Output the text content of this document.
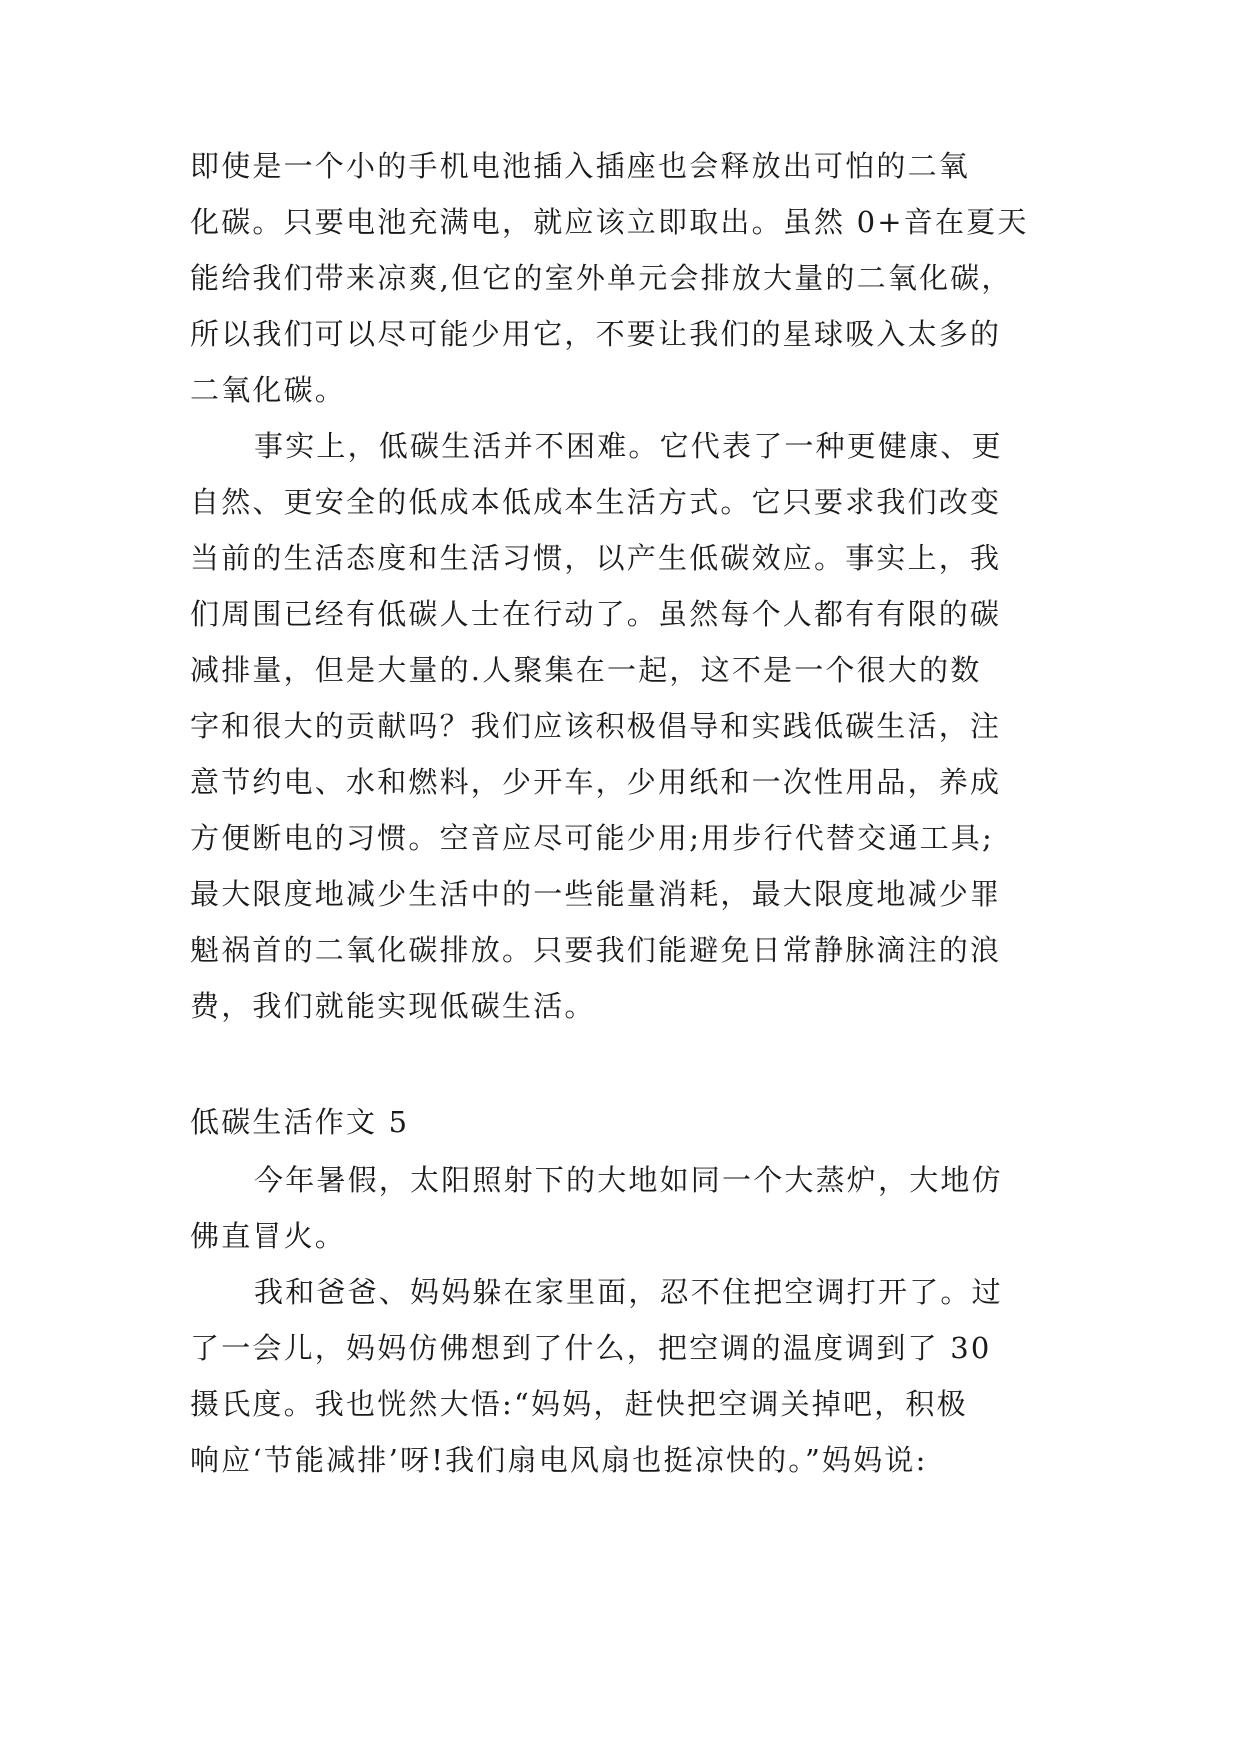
即使是一个小的手机电池插入插座也会释放出可怕的二氧
化碳。只要电池充满电，就应该立即取出。虽然 0+音在夏天
能给我们带来凉爽,但它的室外单元会排放大量的二氧化碳，
所以我们可以尽可能少用它，不要让我们的星球吸入太多的
二氧化碳。
事实上，低碳生活并不困难。它代表了一种更健康、更
自然、更安全的低成本低成本生活方式。它只要求我们改变
当前的生活态度和生活习惯，以产生低碳效应。事实上，我
们周围已经有低碳人士在行动了。虽然每个人都有有限的碳
减排量，但是大量的.人聚集在一起，这不是一个很大的数
字和很大的贡献吗？我们应该积极倡导和实践低碳生活，注
意节约电、水和燃料，少开车，少用纸和一次性用品，养成
方便断电的习惯。空音应尽可能少用;用步行代替交通工具;
最大限度地减少生活中的一些能量消耗，最大限度地减少罪
魁祸首的二氧化碳排放。只要我们能避免日常静脉滴注的浪
费，我们就能实现低碳生活。
低碳生活作文 5
今年暑假，太阳照射下的大地如同一个大蒸炉，大地仿
佛直冒火。
我和爸爸、妈妈躲在家里面，忍不住把空调打开了。过
了一会儿，妈妈仿佛想到了什么，把空调的温度调到了 30
摄氏度。我也恍然大悟:“妈妈，赶快把空调关掉吧，积极
响应‘节能减排’呀!我们扇电风扇也挺凉快的。”妈妈说:
